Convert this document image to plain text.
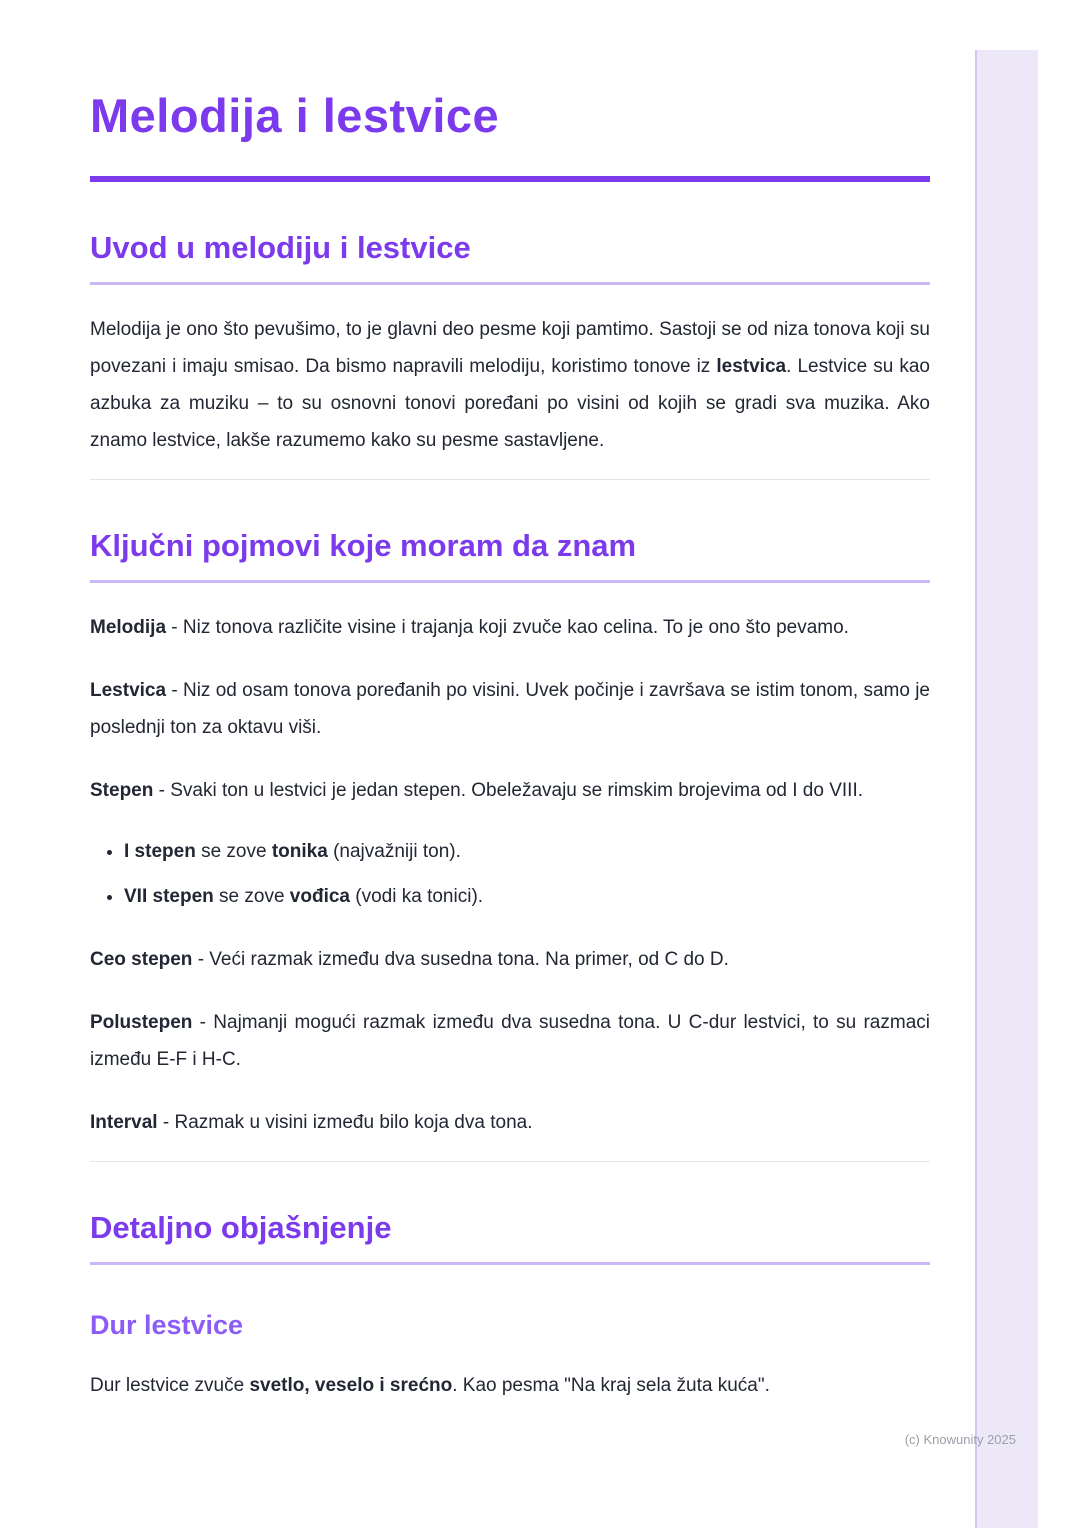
Melodija i lestvice
Uvod u melodiju i lestvice

Melodija je ono što pevušimo, to je glavni deo pesme koji pamtimo. Sastoji se od niza tonova koji su povezani i imaju smisao. Da bismo napravili melodiju, koristimo tonove iz lestvica. Lestvice su kao azbuka za muziku – to su osnovni tonovi poređani po visini od kojih se gradi sva muzika. Ako znamo lestvice, lakše razumemo kako su pesme sastavljene.

Ključni pojmovi koje moram da znam

Melodija - Niz tonova različite visine i trajanja koji zvuče kao celina. To je ono što pevamo.

Lestvica - Niz od osam tonova poređanih po visini. Uvek počinje i završava se istim tonom, samo je poslednji ton za oktavu viši.

Stepen - Svaki ton u lestvici je jedan stepen. Obeležavaju se rimskim brojevima od I do VIII.

• I stepen se zove tonika (najvažniji ton).
• VII stepen se zove vođica (vodi ka tonici).

Ceo stepen - Veći razmak između dva susedna tona. Na primer, od C do D.

Polustepen - Najmanji mogući razmak između dva susedna tona. U C-dur lestvici, to su razmaci između E-F i H-C.

Interval - Razmak u visini između bilo koja dva tona.

Detaljno objašnjenje
Dur lestvice

Dur lestvice zvuče svetlo, veselo i srećno. Kao pesma "Na kraj sela žuta kuća".

(c) Knowunity 2025
